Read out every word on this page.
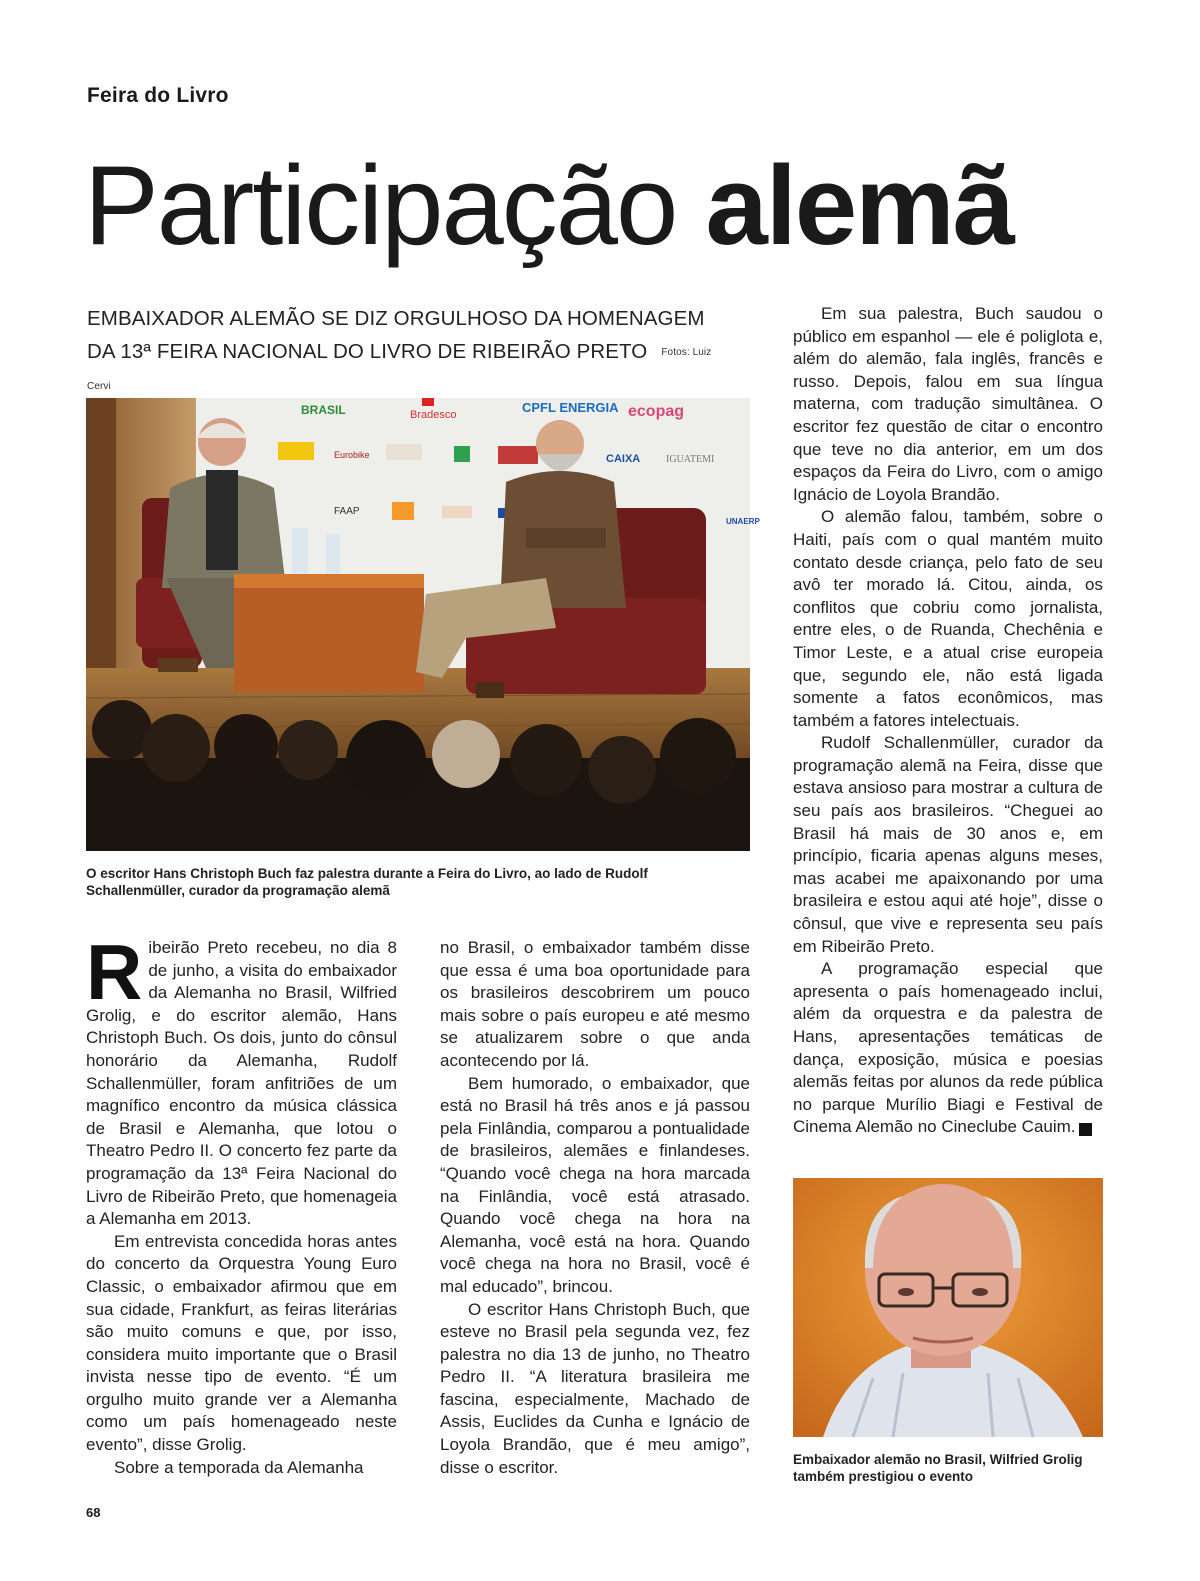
Feira do Livro
Participação alemã
EMBAIXADOR ALEMÃO SE DIZ ORGULHOSO DA HOMENAGEM
DA 13ª FEIRA NACIONAL DO LIVRO DE RIBEIRÃO PRETO Fotos: Luiz Cervi
BRASIL	Bradesco	CPFL ENERGIA ecopag
Eurobike	CAIXA	IGUATEMI
FAAP
UNAERP
O escritor Hans Christoph Buch faz palestra durante a Feira do Livro, ao lado de Rudolf Schallenmüller, curador da programação alemã

Ribeirão Preto recebeu, no dia 8 de junho, a visita do embaixador da Alemanha no Brasil, Wilfried Grolig, e do escritor alemão, Hans Christoph Buch. Os dois, junto do cônsul honorário da Alemanha, Rudolf Schallenmüller, foram anfitriões de um magnífico encontro da música clássica de Brasil e Alemanha, que lotou o Theatro Pedro II. O concerto fez parte da programação da 13ª Feira Nacional do Livro de Ribeirão Preto, que homenageia a Alemanha em 2013.

Em entrevista concedida horas antes do concerto da Orquestra Young Euro Classic, o embaixador afirmou que em sua cidade, Frankfurt, as feiras literárias são muito comuns e que, por isso, considera muito importante que o Brasil invista nesse tipo de evento. “É um orgulho muito grande ver a Alemanha como um país homenageado neste evento”, disse Grolig.

Sobre a temporada da Alemanha

no Brasil, o embaixador também disse que essa é uma boa oportunidade para os brasileiros descobrirem um pouco mais sobre o país europeu e até mesmo se atualizarem sobre o que anda acontecendo por lá.

Bem humorado, o embaixador, que está no Brasil há três anos e já passou pela Finlândia, comparou a pontualidade de brasileiros, alemães e finlandeses. “Quando você chega na hora marcada na Finlândia, você está atrasado. Quando você chega na hora na Alemanha, você está na hora. Quando você chega na hora no Brasil, você é mal educado”, brincou.

O escritor Hans Christoph Buch, que esteve no Brasil pela segunda vez, fez palestra no dia 13 de junho, no Theatro Pedro II. “A literatura brasileira me fascina, especialmente, Machado de Assis, Euclides da Cunha e Ignácio de Loyola Brandão, que é meu amigo”, disse o escritor.

Em sua palestra, Buch saudou o público em espanhol — ele é poliglota e, além do alemão, fala inglês, francês e russo. Depois, falou em sua língua materna, com tradução simultânea. O escritor fez questão de citar o encontro que teve no dia anterior, em um dos espaços da Feira do Livro, com o amigo Ignácio de Loyola Brandão.

O alemão falou, também, sobre o Haiti, país com o qual mantém muito contato desde criança, pelo fato de seu avô ter morado lá. Citou, ainda, os conflitos que cobriu como jornalista, entre eles, o de Ruanda, Chechênia e Timor Leste, e a atual crise europeia que, segundo ele, não está ligada somente a fatos econômicos, mas também a fatores intelectuais.

Rudolf Schallenmüller, curador da programação alemã na Feira, disse que estava ansioso para mostrar a cultura de seu país aos brasileiros. “Cheguei ao Brasil há mais de 30 anos e, em princípio, ficaria apenas alguns meses, mas acabei me apaixonando por uma brasileira e estou aqui até hoje”, disse o cônsul, que vive e representa seu país em Ribeirão Preto.

A programação especial que apresenta o país homenageado inclui, além da orquestra e da palestra de Hans, apresentações temáticas de dança, exposição, música e poesias alemãs feitas por alunos da rede pública no parque Murílio Biagi e Festival de Cinema Alemão no Cineclube Cauim.	r

Embaixador alemão no Brasil, Wilfried Grolig também prestigiou o evento
68
